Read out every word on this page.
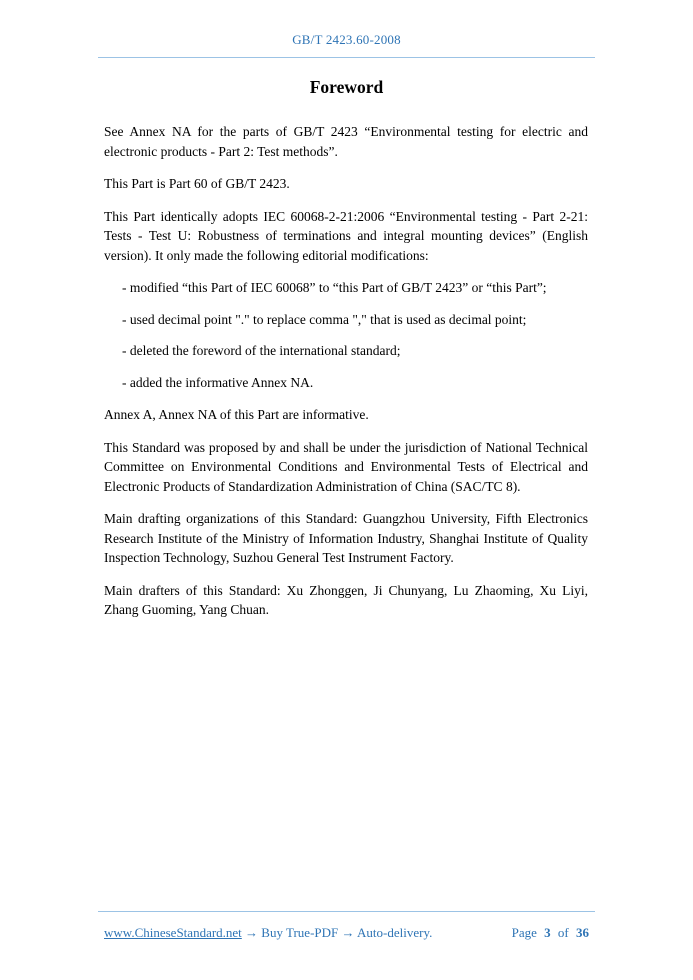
GB/T 2423.60-2008
Foreword

See Annex NA for the parts of GB/T 2423 “Environmental testing for electric and electronic products - Part 2: Test methods”.

This Part is Part 60 of GB/T 2423.

This Part identically adopts IEC 60068-2-21:2006 “Environmental testing - Part 2-21: Tests - Test U: Robustness of terminations and integral mounting devices” (English version). It only made the following editorial modifications:

- modified “this Part of IEC 60068” to “this Part of GB/T 2423” or “this Part”;
- used decimal point "." to replace comma "," that is used as decimal point;
- deleted the foreword of the international standard;
- added the informative Annex NA.

Annex A, Annex NA of this Part are informative.

This Standard was proposed by and shall be under the jurisdiction of National Technical Committee on Environmental Conditions and Environmental Tests of Electrical and Electronic Products of Standardization Administration of China (SAC/TC 8).

Main drafting organizations of this Standard: Guangzhou University, Fifth Electronics Research Institute of the Ministry of Information Industry, Shanghai Institute of Quality Inspection Technology, Suzhou General Test Instrument Factory.

Main drafters of this Standard: Xu Zhonggen, Ji Chunyang, Lu Zhaoming, Xu Liyi, Zhang Guoming, Yang Chuan.

www.ChineseStandard.net → Buy True-PDF → Auto-delivery.	Page 3 of 36
